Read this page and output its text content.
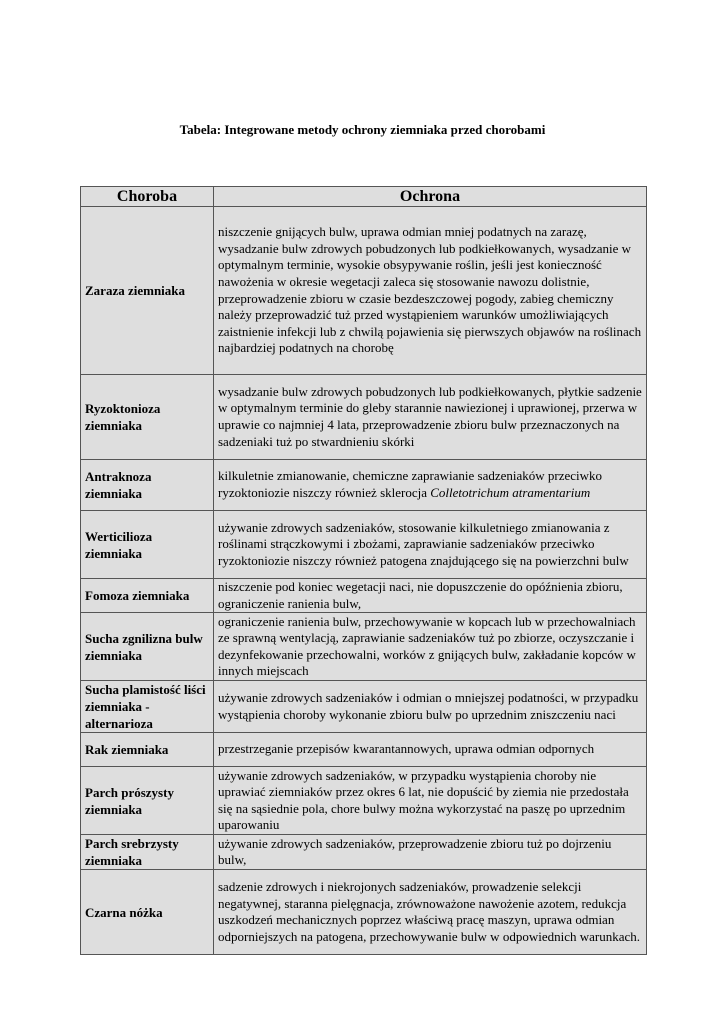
Tabela: Integrowane metody ochrony ziemniaka przed chorobami
Choroba	Ochrona
Zaraza ziemniaka	niszczenie gnijących bulw, uprawa odmian mniej podatnych na zarazę, wysadzanie bulw zdrowych pobudzonych lub podkiełkowanych, wysadzanie w optymalnym terminie, wysokie obsypywanie roślin, jeśli jest konieczność nawożenia w okresie wegetacji zaleca się stosowanie nawozu dolistnie, przeprowadzenie zbioru w czasie bezdeszczowej pogody, zabieg chemiczny należy przeprowadzić tuż przed wystąpieniem warunków umożliwiających zaistnienie infekcji lub z chwilą pojawienia się pierwszych objawów na roślinach najbardziej podatnych na chorobę
Ryzoktonioza ziemniaka	wysadzanie bulw zdrowych pobudzonych lub podkiełkowanych, płytkie sadzenie w optymalnym terminie do gleby starannie nawiezionej i uprawionej, przerwa w uprawie co najmniej 4 lata, przeprowadzenie zbioru bulw przeznaczonych na sadzeniaki tuż po stwardnieniu skórki
Antraknoza ziemniaka	kilkuletnie zmianowanie, chemiczne zaprawianie sadzeniaków przeciwko ryzoktoniozie niszczy również sklerocja Colletotrichum atramentarium
Werticilioza ziemniaka	używanie zdrowych sadzeniaków, stosowanie kilkuletniego zmianowania z roślinami strączkowymi i zbożami, zaprawianie sadzeniaków przeciwko ryzoktoniozie niszczy również patogena znajdującego się na powierzchni bulw
Fomoza ziemniaka	niszczenie pod koniec wegetacji naci, nie dopuszczenie do opóźnienia zbioru, ograniczenie ranienia bulw,
Sucha zgnilizna bulw ziemniaka	ograniczenie ranienia bulw, przechowywanie w kopcach lub w przechowalniach ze sprawną wentylacją, zaprawianie sadzeniaków tuż po zbiorze, oczyszczanie i dezynfekowanie przechowalni, worków z gnijących bulw, zakładanie kopców w innych miejscach
Sucha plamistość liści ziemniaka - alternarioza	używanie zdrowych sadzeniaków i odmian o mniejszej podatności, w przypadku wystąpienia choroby wykonanie zbioru bulw po uprzednim zniszczeniu naci
Rak ziemniaka	przestrzeganie przepisów kwarantannowych, uprawa odmian odpornych
Parch prószysty ziemniaka	używanie zdrowych sadzeniaków, w przypadku wystąpienia choroby nie uprawiać ziemniaków przez okres 6 lat, nie dopuścić by ziemia nie przedostała się na sąsiednie pola, chore bulwy można wykorzystać na paszę po uprzednim uparowaniu
Parch srebrzysty ziemniaka	używanie zdrowych sadzeniaków, przeprowadzenie zbioru tuż po dojrzeniu bulw,
Czarna nóżka	sadzenie zdrowych i niekrojonych sadzeniaków, prowadzenie selekcji negatywnej, staranna pielęgnacja, zrównoważone nawożenie azotem, redukcja uszkodzeń mechanicznych poprzez właściwą pracę maszyn, uprawa odmian odporniejszych na patogena, przechowywanie bulw w odpowiednich warunkach.
